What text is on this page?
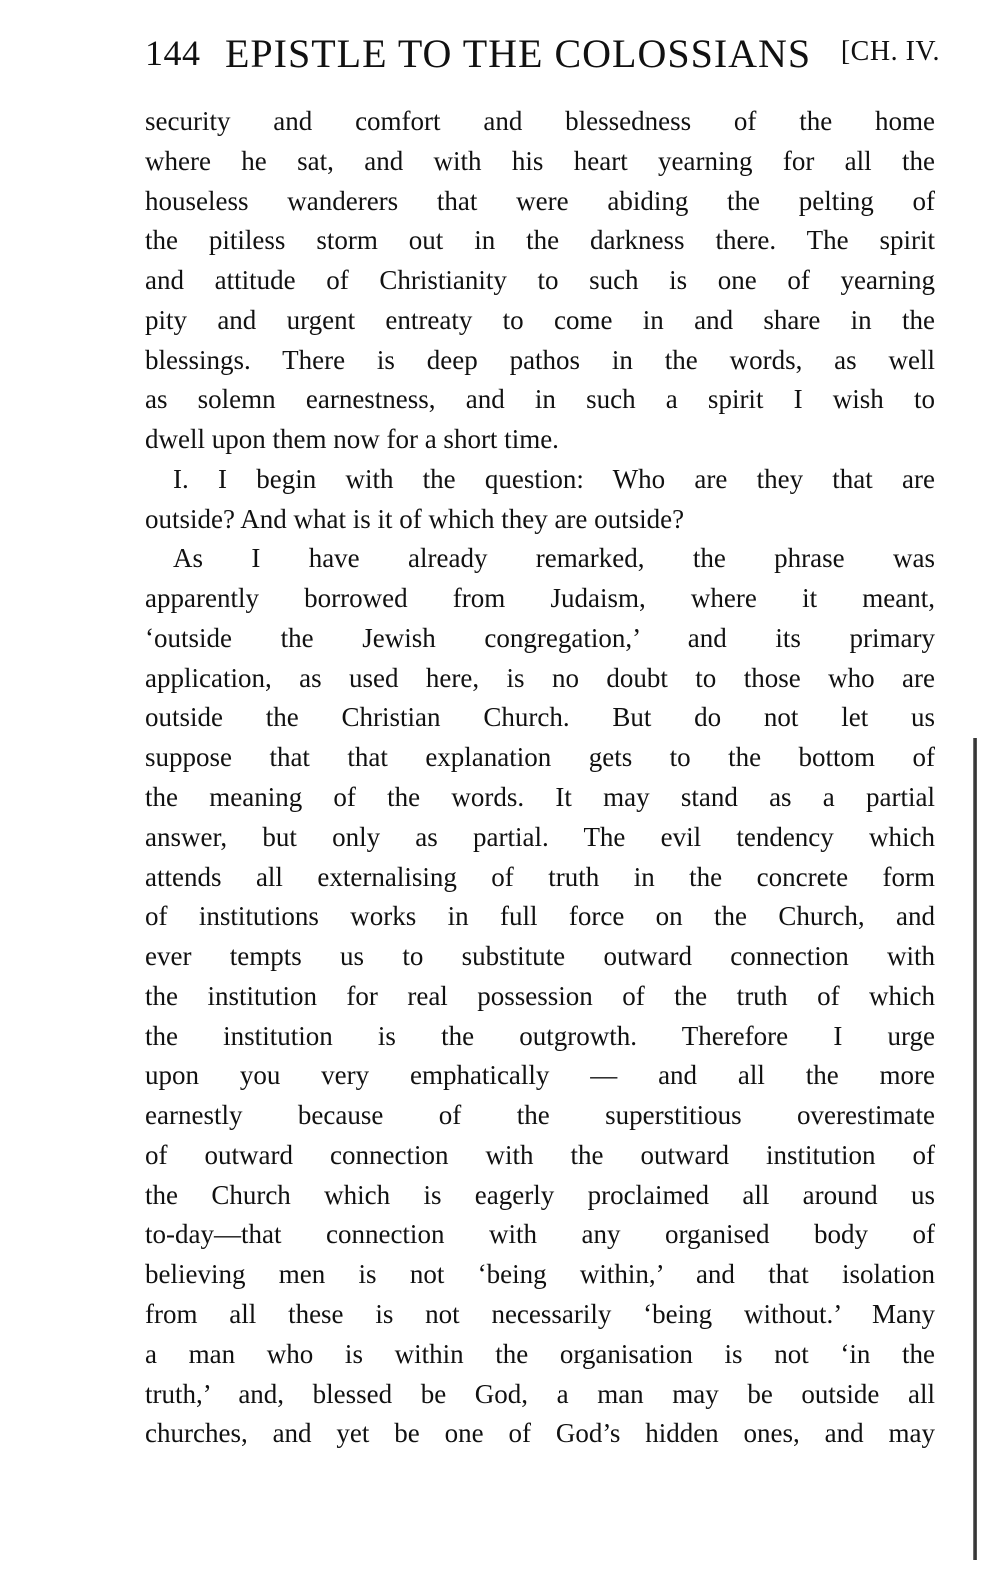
144 EPISTLE TO THE COLOSSIANS [CH. IV.
security and comfort and blessedness of the home
where he sat, and with his heart yearning for all the
houseless wanderers that were abiding the pelting of
the pitiless storm out in the darkness there. The spirit
and attitude of Christianity to such is one of yearning
pity and urgent entreaty to come in and share in the
blessings. There is deep pathos in the words, as well
as solemn earnestness, and in such a spirit I wish to
dwell upon them now for a short time.
I. I begin with the question: Who are they that are
outside? And what is it of which they are outside?
As I have already remarked, the phrase was
apparently borrowed from Judaism, where it meant,
‘outside the Jewish congregation,’ and its primary
application, as used here, is no doubt to those who are
outside the Christian Church. But do not let us
suppose that that explanation gets to the bottom of
the meaning of the words. It may stand as a partial
answer, but only as partial. The evil tendency which
attends all externalising of truth in the concrete form
of institutions works in full force on the Church, and
ever tempts us to substitute outward connection with
the institution for real possession of the truth of which
the institution is the outgrowth. Therefore I urge
upon you very emphatically — and all the more
earnestly because of the superstitious overestimate
of outward connection with the outward institution of
the Church which is eagerly proclaimed all around us
to-day—that connection with any organised body of
believing men is not ‘being within,’ and that isolation
from all these is not necessarily ‘being without.’ Many
a man who is within the organisation is not ‘in the
truth,’ and, blessed be God, a man may be outside all
churches, and yet be one of God’s hidden ones, and may
